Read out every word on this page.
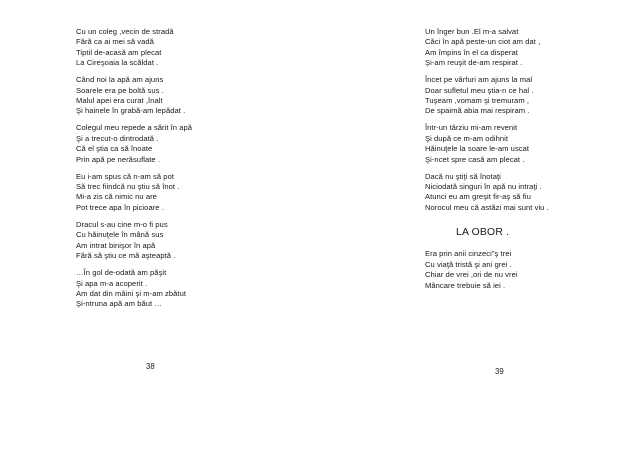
Cu un coleg ,vecin de stradă
Fără ca ai mei să vadă
Tiptil de-acasă am plecat
La Cireşoaia la scăldat .
Când noi la apă am ajuns
Soarele era pe boltă sus .
Malul apei era curat ,înalt
Şi hainele în grabă-am lepădat .
Colegul meu repede a sărit în apă
Şi a trecut-o dintrodată .
Că el ştia ca să înoate
Prin apă pe nerăsuflate .
Eu i-am spus că n-am să pot
Să trec fiindcă nu ştiu să înot .
Mi-a zis că nimic nu are
Pot trece apa în picioare .
Dracul s-au cine m-o fi pus
Cu hăinuţele în mână sus
Am intrat binişor în apă
Fără să ştiu ce mă aşteaptă .
…În gol de-odată am păşit
Şi apa m-a acoperit .
Am dat din mâini şi m-am zbătut
Şi-ntruna apă am băut …
38
Un înger bun .El m-a salvat
Căci în apă peste-un ciot am dat ,
Am împins în el ca disperat
Şi-am reuşit de-am respirat .
Încet pe vârfuri am ajuns la mal
Doar sufletul meu ştia-n ce hal .
Tuşeam ,vomam şi tremuram ,
De spaimă abia mai respiram .
Într-un târziu mi-am revenit
Şi după ce m-am odihnit
Hăinuţele la soare le-am uscat
Şi-ncet spre casă am plecat .
Dacă nu ştiţi să înotaţi
Niciodată singuri în apă nu intraţi .
Atunci eu am greşit fir-aş să fiu
Norocul meu că astăzi mai sunt viu .
LA OBOR .
Era prin anii cinzeci”ş trei
Cu viaţă tristă şi ani grei .
Chiar de vrei ,ori de nu vrei
Mâncare trebuie să iei .
39
